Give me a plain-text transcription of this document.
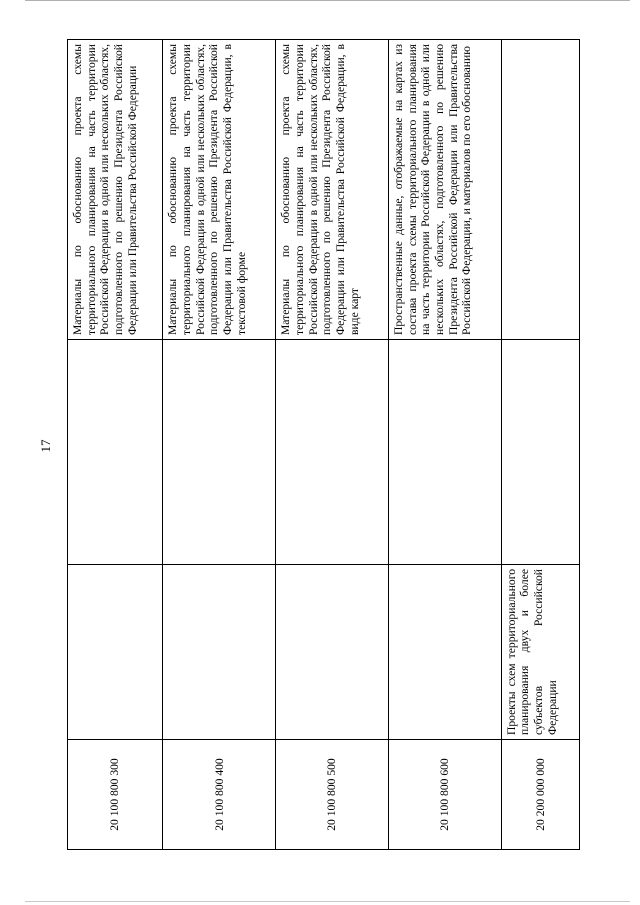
17
20 100 800 300			Материалы по обоснованию проекта схемы территориального планирования на часть территории Российской Федерации в одной или нескольких областях, подготовленного по решению Президента Российской Федерации или Правительства Российской Федерации
20 100 800 400			Материалы по обоснованию проекта схемы территориального планирования на часть территории Российской Федерации в одной или нескольких областях, подготовленного по решению Президента Российской Федерации или Правительства Российской Федерации, в текстовой форме
20 100 800 500			Материалы по обоснованию проекта схемы территориального планирования на часть территории Российской Федерации в одной или нескольких областях, подготовленного по решению Президента Российской Федерации или Правительства Российской Федерации, в виде карт
20 100 800 600			Пространственные данные, отображаемые на картах из состава проекта схемы территориального планирования на часть территории Российской Федерации в одной или нескольких областях, подготовленного по решению Президента Российской Федерации или Правительства Российской Федерации, и материалов по его обоснованию
20 200 000 000	Проекты схем территориального планирования двух и более субъектов Российской Федерации		
